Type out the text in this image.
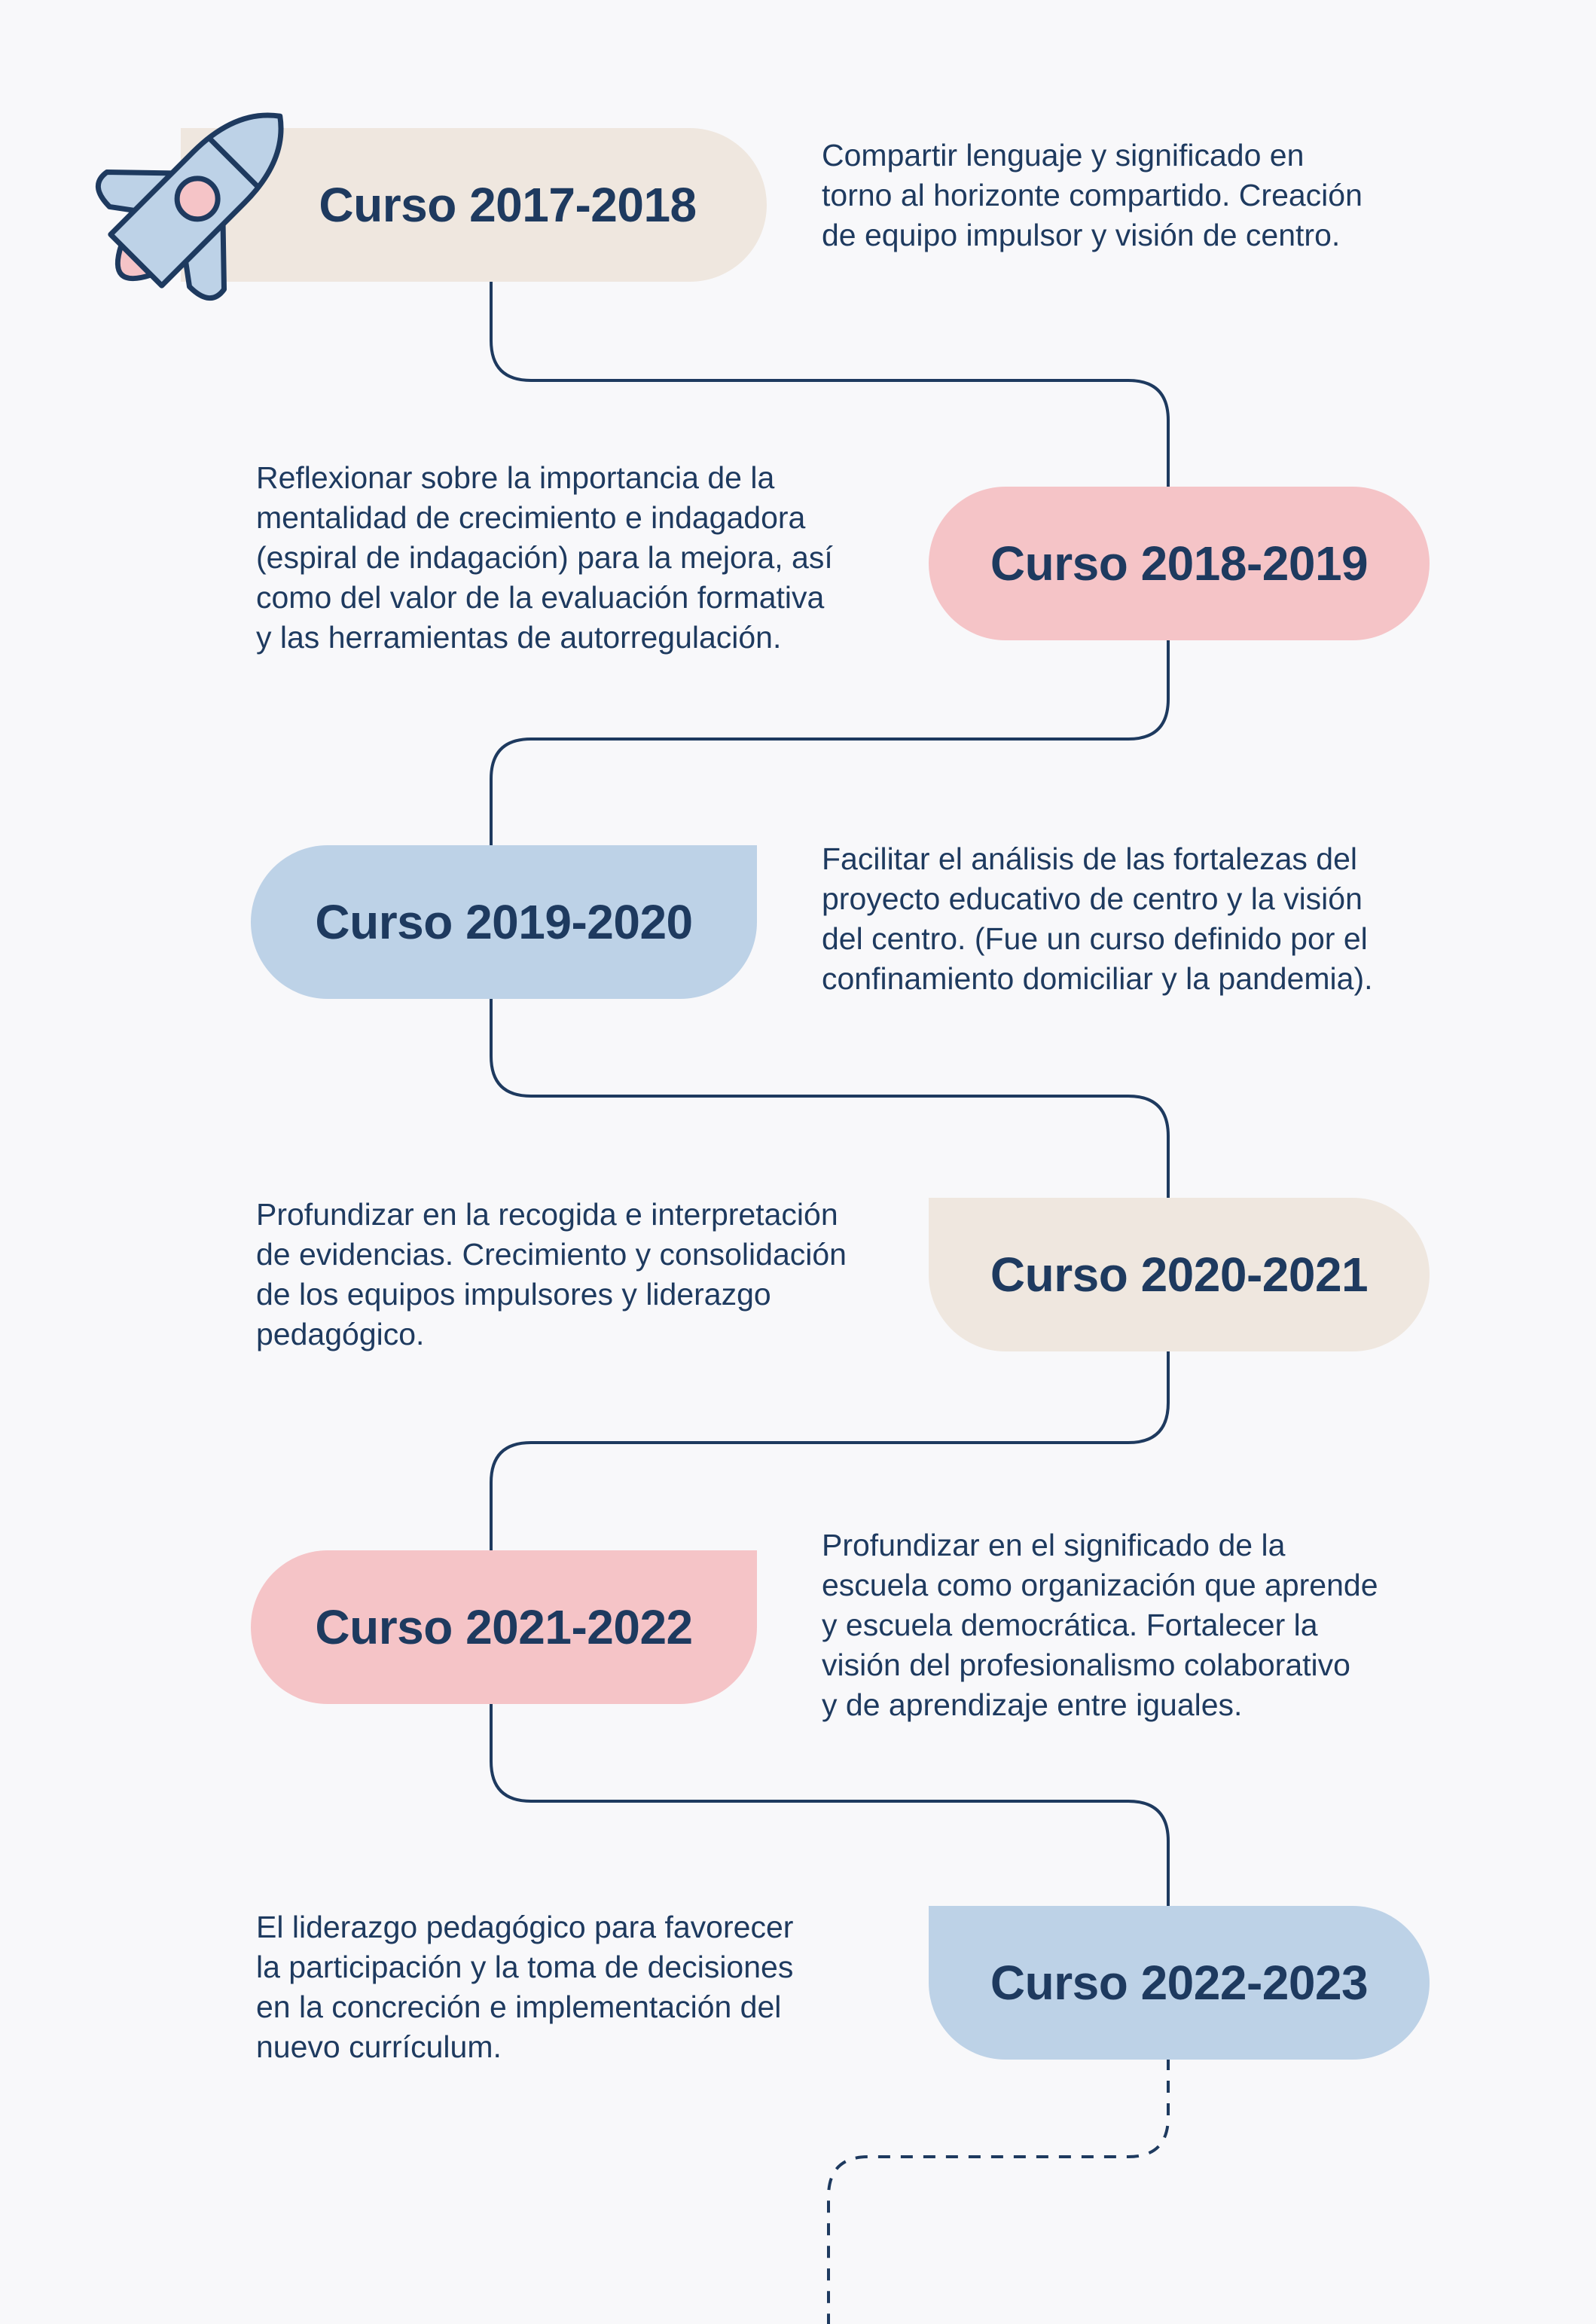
Curso 2017-2018

Compartir lenguaje y significado en
torno al horizonte compartido. Creación
de equipo impulsor y visión de centro.

Reflexionar sobre la importancia de la
mentalidad de crecimiento e indagadora
(espiral de indagación) para la mejora, así
como del valor de la evaluación formativa
y las herramientas de autorregulación.

Curso 2018-2019
Curso 2019-2020

Facilitar el análisis de las fortalezas del
proyecto educativo de centro y la visión
del centro. (Fue un curso definido por el
confinamiento domiciliar y la pandemia).

Profundizar en la recogida e interpretación
de evidencias. Crecimiento y consolidación
de los equipos impulsores y liderazgo
pedagógico.

Curso 2020-2021
Curso 2021-2022

Profundizar en el significado de la
escuela como organización que aprende
y escuela democrática. Fortalecer la
visión del profesionalismo colaborativo
y de aprendizaje entre iguales.

El liderazgo pedagógico para favorecer
la participación y la toma de decisiones
en la concreción e implementación del
nuevo currículum.

Curso 2022-2023
